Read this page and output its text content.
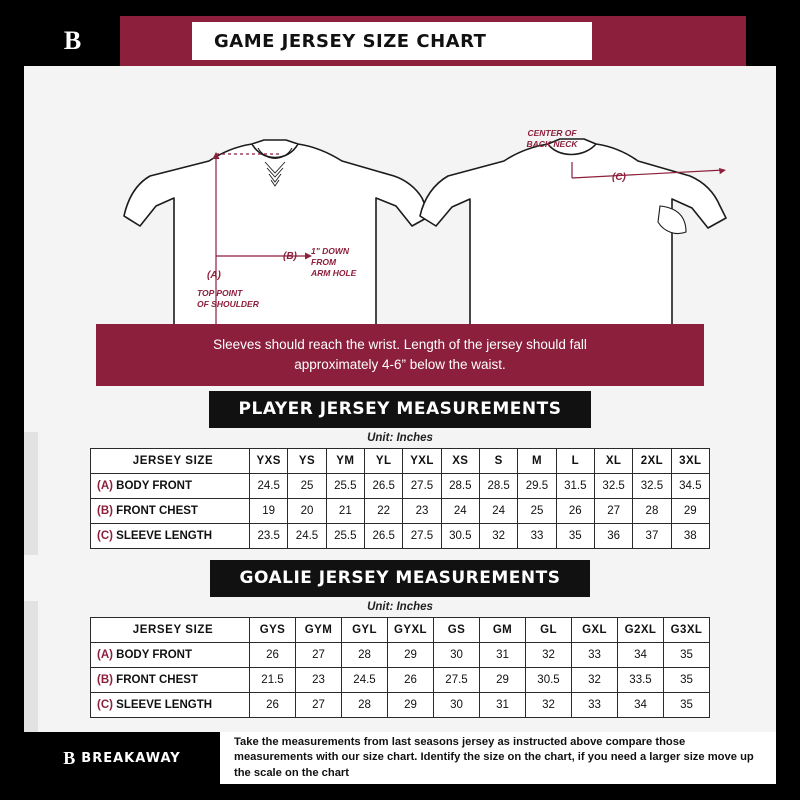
B	GAME JERSEY SIZE CHART
CENTER OF
BACK NECK
(C)
(B)
(A)
TOP POINT
OF SHOULDER
1" DOWN
FROM
ARM HOLE
Sleeves should reach the wrist. Length of the jersey should fall
approximately 4-6” below the waist.
PLAYER JERSEY MEASUREMENTS
Unit: Inches
JERSEY SIZE	YXS	YS	YM	YL	YXL	XS	S	M	L	XL	2XL	3XL
(A) BODY FRONT	24.5	25	25.5	26.5	27.5	28.5	28.5	29.5	31.5	32.5	32.5	34.5
(B) FRONT CHEST	19	20	21	22	23	24	24	25	26	27	28	29
(C) SLEEVE LENGTH	23.5	24.5	25.5	26.5	27.5	30.5	32	33	35	36	37	38
GOALIE JERSEY MEASUREMENTS
Unit: Inches
JERSEY SIZE	GYS	GYM	GYL	GYXL	GS	GM	GL	GXL	G2XL	G3XL
(A) BODY FRONT	26	27	28	29	30	31	32	33	34	35
(B) FRONT CHEST	21.5	23	24.5	26	27.5	29	30.5	32	33.5	35
(C) SLEEVE LENGTH	26	27	28	29	30	31	32	33	34	35
B BREAKAWAY
Take the measurements from last seasons jersey as instructed above compare those measurements with our size chart. Identify the size on the chart, if you need a larger size move up the scale on the chart
